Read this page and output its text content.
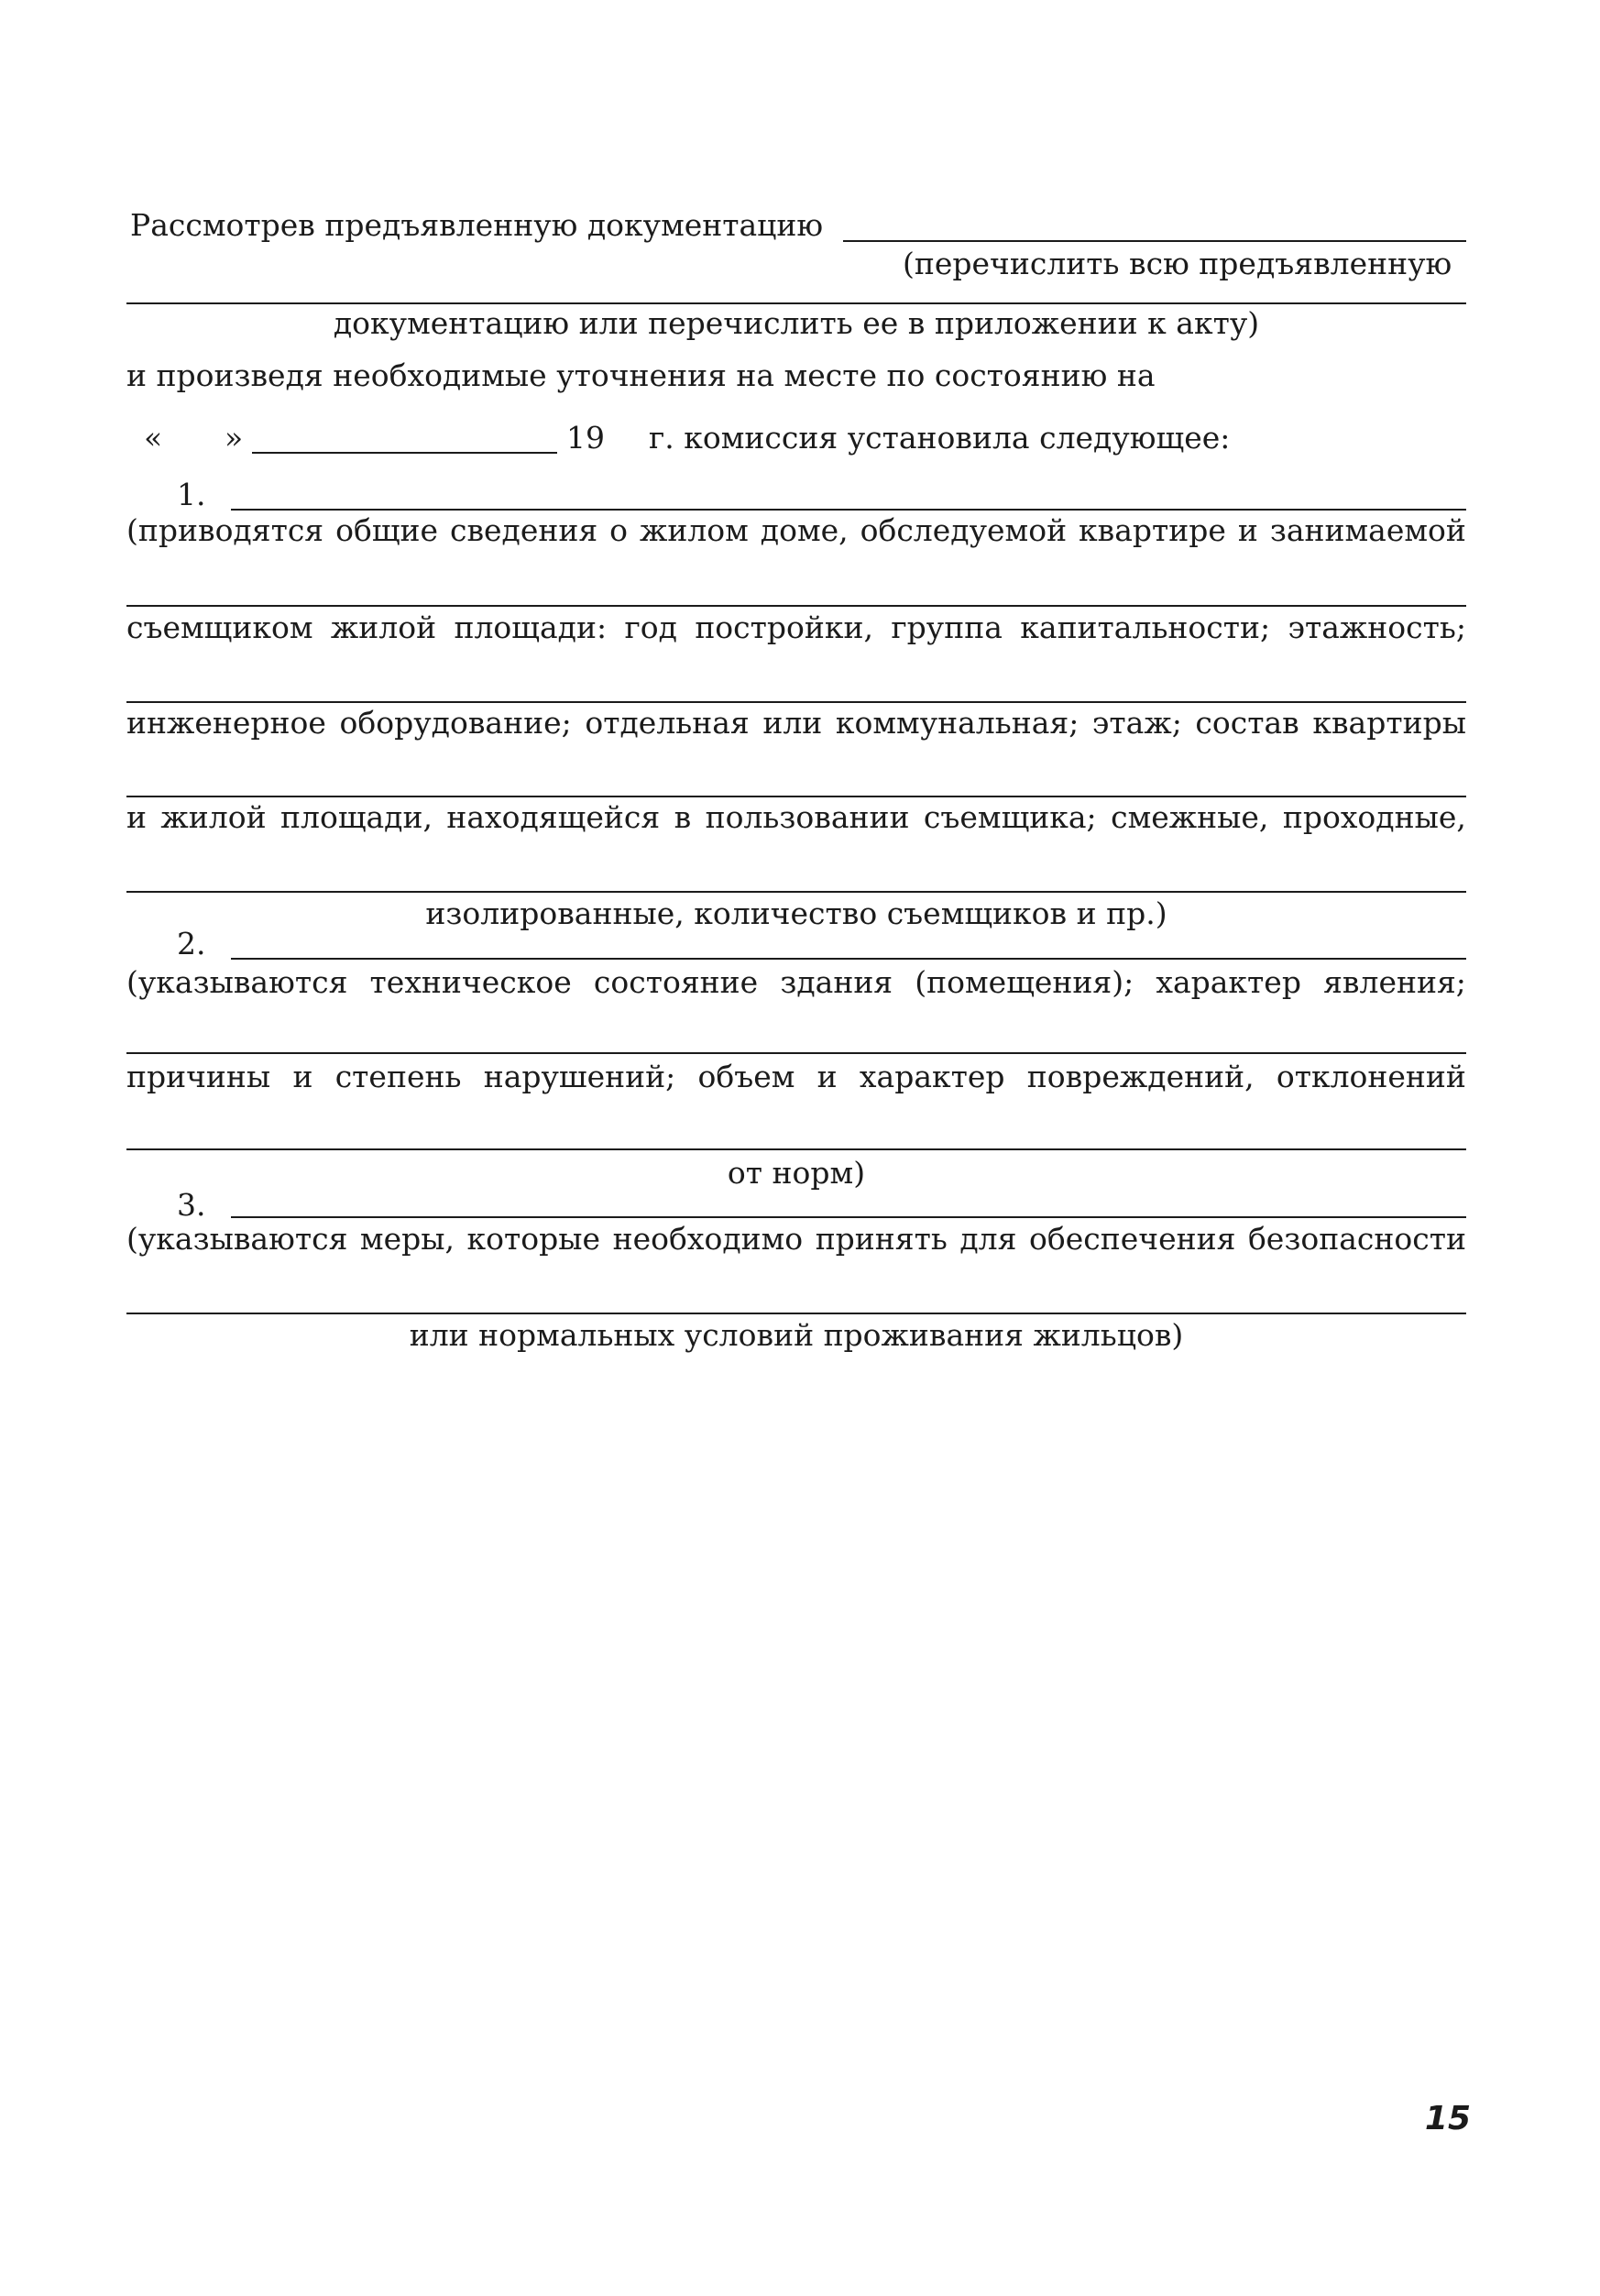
Рассмотрев предъявленную документацию
(перечислить всю предъявленную
документацию или перечислить ее в приложении к акту)
и произведя необходимые уточнения на месте по состоянию на
« »	19 г. комиссия установила следующее:
1.
(приводятся общие сведения о жилом доме, обследуемой квартире и занимаемой
съемщиком жилой площади: год постройки, группа капитальности; этажность;
инженерное оборудование; отдельная или коммунальная; этаж; состав квартиры
и жилой площади, находящейся в пользовании съемщика; смежные, проходные,
изолированные, количество съемщиков и пр.)
2.
(указываются техническое состояние здания (помещения); характер явления;
причины и степень нарушений; объем и характер повреждений, отклонений
от норм)
3.
(указываются меры, которые необходимо принять для обеспечения безопасности
или нормальных условий проживания жильцов)
15
